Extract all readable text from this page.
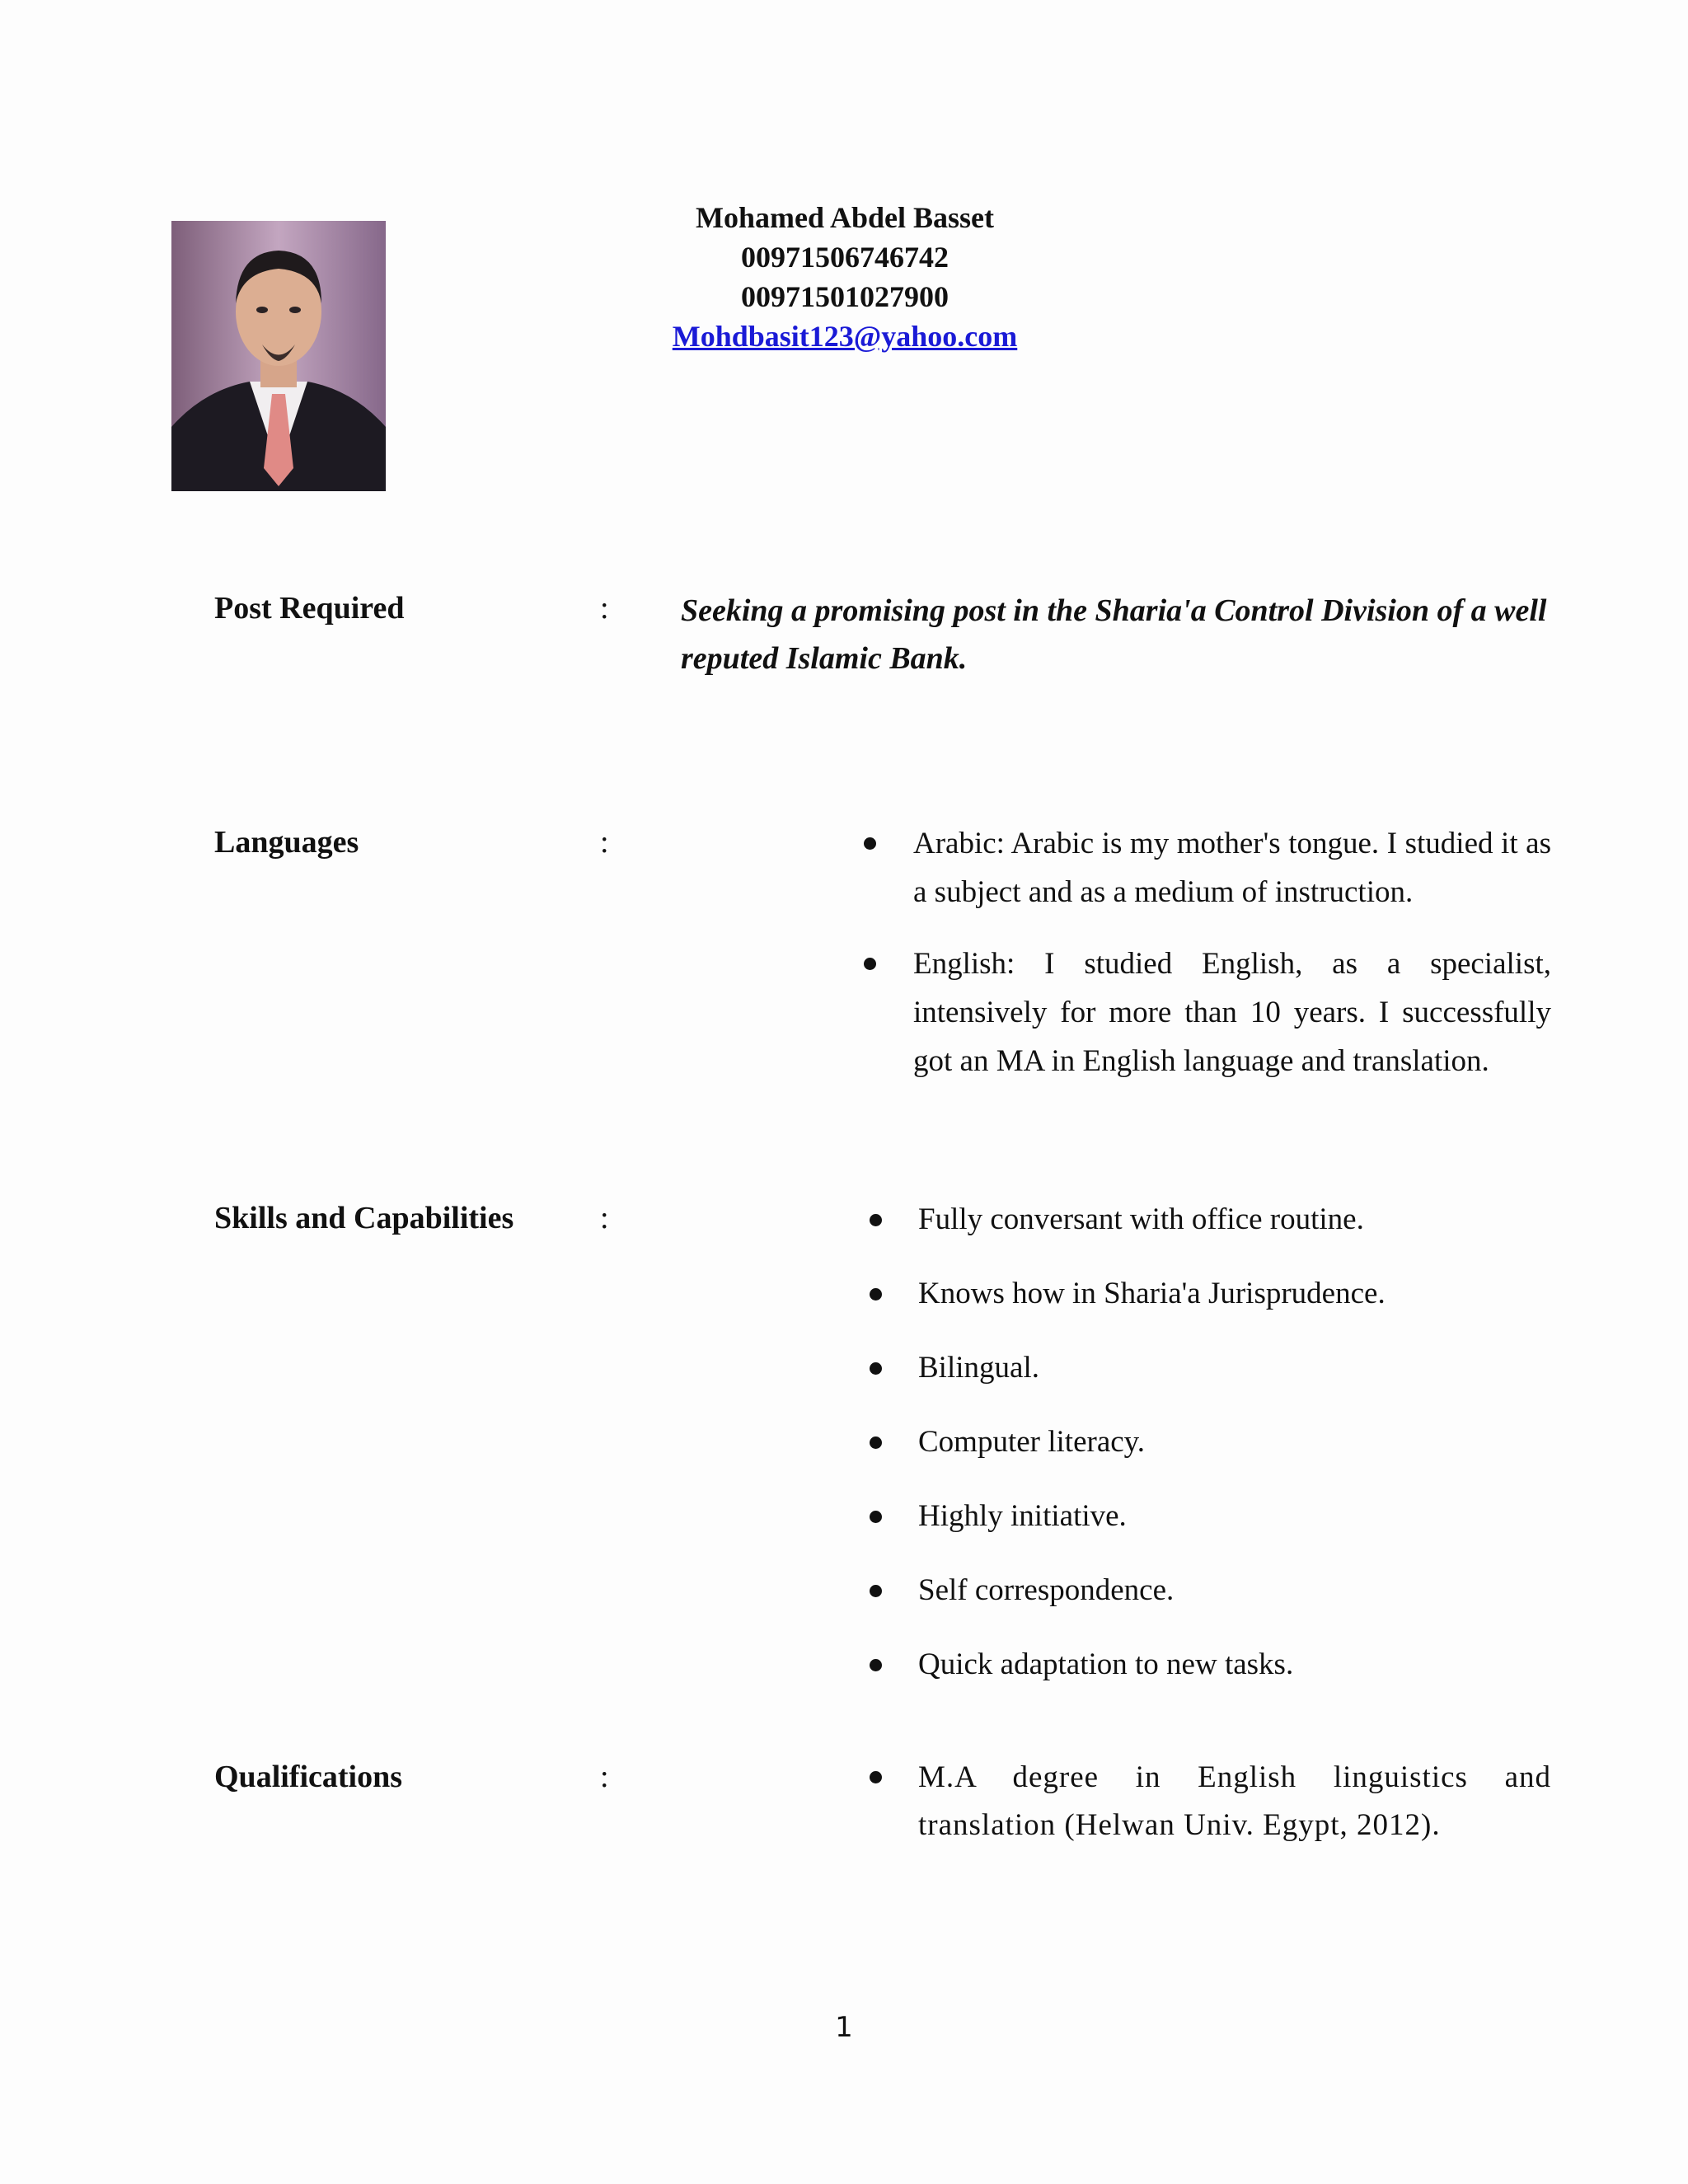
Mohamed Abdel Basset
00971506746742
00971501027900
Mohdbasit123@yahoo.com
Post Required	: Seeking a promising post in the Sharia'a Control Division of a well reputed Islamic Bank.
Languages	:	Arabic: Arabic is my mother's tongue. I studied it as a subject and as a medium of instruction.
English: I studied English, as a specialist, intensively for more than 10 years. I successfully got an MA in English language and translation.
Skills and Capabilities	:	Fully conversant with office routine.
Knows how in Sharia'a Jurisprudence.
Bilingual.
Computer literacy.
Highly initiative.
Self correspondence.
Quick adaptation to new tasks.
Qualifications	:	M.A degree in English linguistics and translation (Helwan Univ. Egypt, 2012).
1
